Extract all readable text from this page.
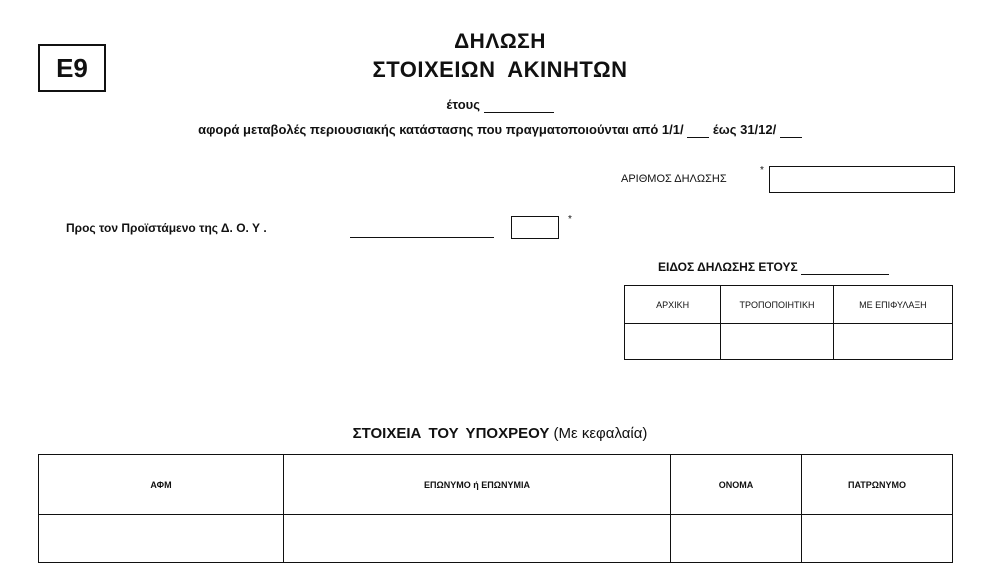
E9
ΔΗΛΩΣΗ
ΣΤΟΙΧΕΙΩΝ ΑΚΙΝΗΤΩΝ
έτους
αφορά μεταβολές περιουσιακής κατάστασης που πραγματοποιούνται από 1/1/ έως 31/12/
ΑΡΙΘΜΟΣ ΔΗΛΩΣΗΣ
*
Προς τον Προϊστάμενο της Δ. Ο. Υ .
*
ΕΙΔΟΣ ΔΗΛΩΣΗΣ ΕΤΟΥΣ
ΑΡΧΙΚΗ	ΤΡΟΠΟΠΟΙΗΤΙΚΗ	ΜΕ ΕΠΙΦΥΛΑΞΗ

ΣΤΟΙΧΕΙΑ ΤΟΥ ΥΠΟΧΡΕΟΥ (Με κεφαλαία)
ΑΦΜ	ΕΠΩΝΥΜΟ ή ΕΠΩΝΥΜΙΑ	ΟΝΟΜΑ	ΠΑΤΡΩΝΥΜΟ
